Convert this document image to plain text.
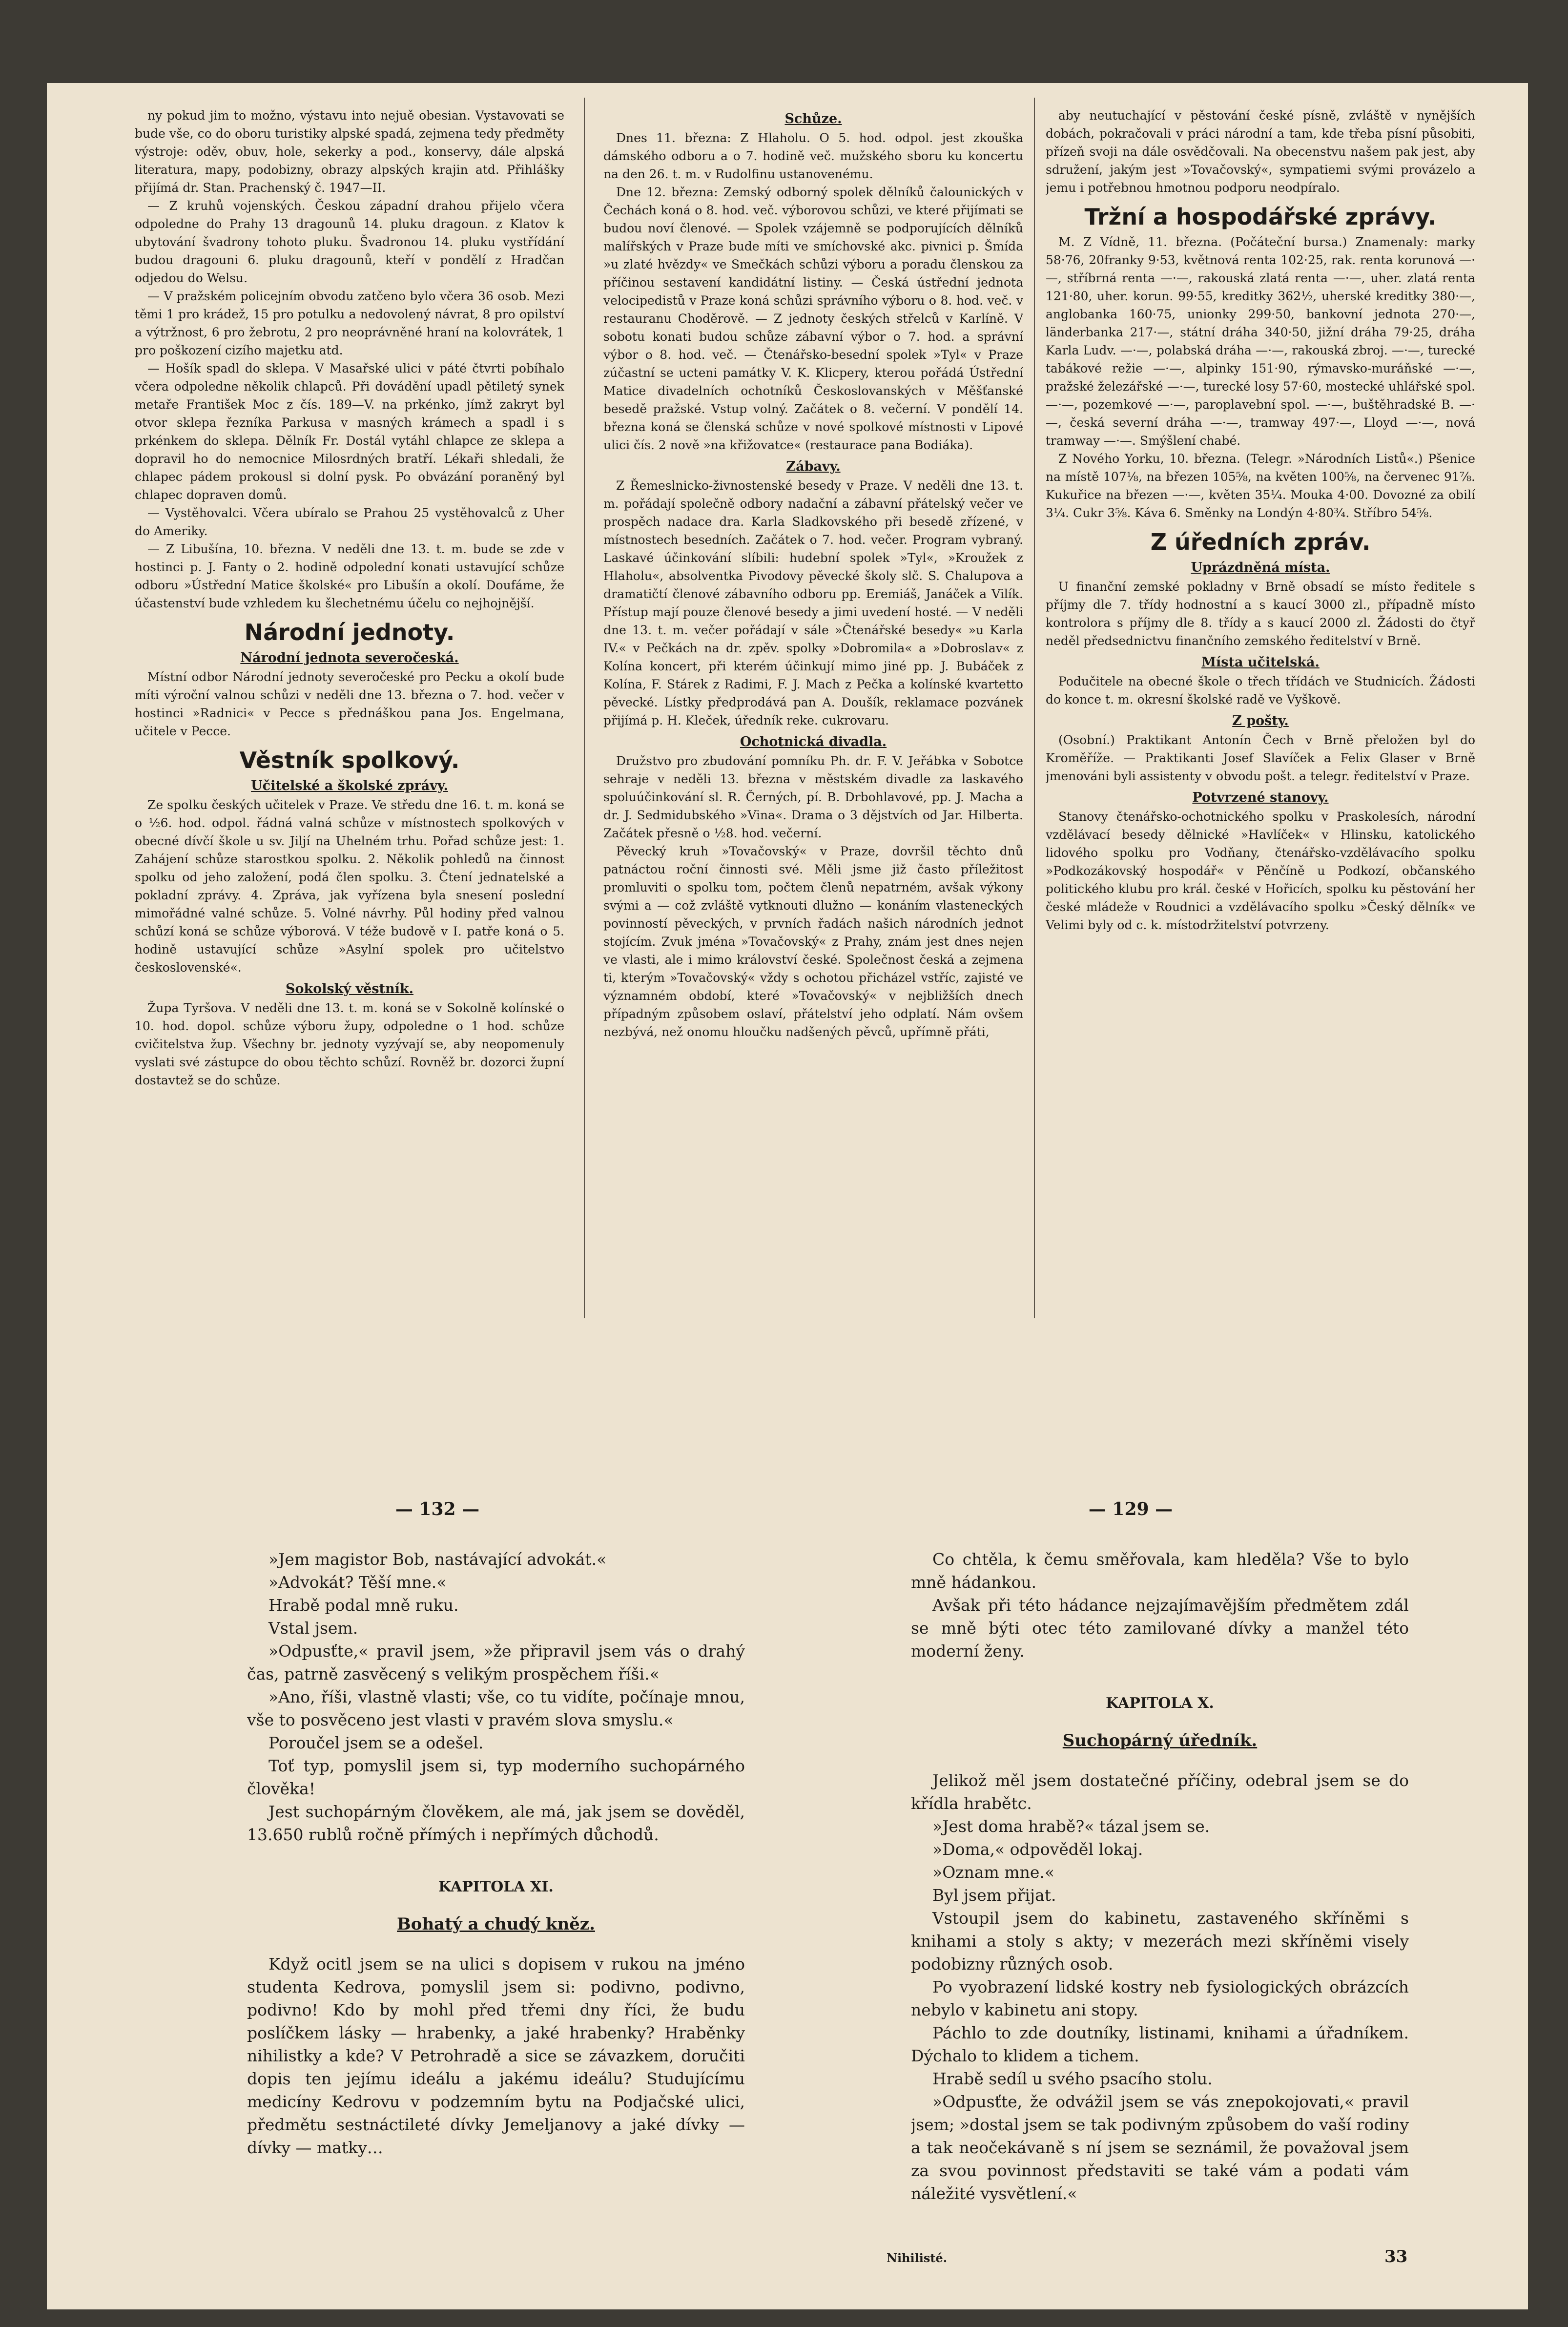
ny pokud jim to možno, výstavu into nejuě obesian. Vystavovati se bude vše, co do oboru turistiky alpské spadá, zejmena tedy předměty výstroje: oděv, obuv, hole, sekerky a pod., konservy, dále alpská literatura, mapy, podobizny, obrazy alpských krajin atd. Přihlášky přijímá dr. Stan. Prachenský č. 1947—II.

— Z kruhů vojenských. Českou západní drahou přijelo včera odpoledne do Prahy 13 dragounů 14. pluku dragoun. z Klatov k ubytování švadrony tohoto pluku. Švadronou 14. pluku vystřídání budou dragouni 6. pluku dragounů, kteří v pondělí z Hradčan odjedou do Welsu.

— V pražském policejním obvodu zatčeno bylo včera 36 osob. Mezi těmi 1 pro krádež, 15 pro potulku a nedovolený návrat, 8 pro opilství a výtržnost, 6 pro žebrotu, 2 pro neoprávněné hraní na kolovrátek, 1 pro poškození cizího majetku atd.

— Hošík spadl do sklepa. V Masařské ulici v páté čtvrti pobíhalo včera odpoledne několik chlapců. Při dovádění upadl pětiletý synek metaře František Moc z čís. 189—V. na prkénko, jímž zakryt byl otvor sklepa řezníka Parkusa v masných krámech a spadl i s prkénkem do sklepa. Dělník Fr. Dostál vytáhl chlapce ze sklepa a dopravil ho do nemocnice Milosrdných bratří. Lékaři shledali, že chlapec pádem prokousl si dolní pysk. Po obvázání poraněný byl chlapec dopraven domů.

— Vystěhovalci. Včera ubíralo se Prahou 25 vystěhovalců z Uher do Ameriky.

— Z Libušína, 10. března. V neděli dne 13. t. m. bude se zde v hostinci p. J. Fanty o 2. hodině odpolední konati ustavující schůze odboru »Ústřední Matice školské« pro Libušín a okolí. Doufáme, že účastenství bude vzhledem ku šlechetnému účelu co nejhojnější.

Národní jednoty.
Národní jednota severočeská.

Místní odbor Národní jednoty severočeské pro Pecku a okolí bude míti výroční valnou schůzi v neděli dne 13. března o 7. hod. večer v hostinci »Radnici« v Pecce s přednáškou pana Jos. Engelmana, učitele v Pecce.

Věstník spolkový.
Učitelské a školské zprávy.

Ze spolku českých učitelek v Praze. Ve středu dne 16. t. m. koná se o ½6. hod. odpol. řádná valná schůze v místnostech spolkových v obecné dívčí škole u sv. Jiljí na Uhelném trhu. Pořad schůze jest: 1. Zahájení schůze starostkou spolku. 2. Několik pohledů na činnost spolku od jeho založení, podá člen spolku. 3. Čtení jednatelské a pokladní zprávy. 4. Zpráva, jak vyřízena byla snesení poslední mimořádné valné schůze. 5. Volné návrhy. Půl hodiny před valnou schůzí koná se schůze výborová. V téže budově v I. patře koná o 5. hodině ustavující schůze »Asylní spolek pro učitelstvo československé«.

Sokolský věstník.

Župa Tyršova. V neděli dne 13. t. m. koná se v Sokolně kolínské o 10. hod. dopol. schůze výboru župy, odpoledne o 1 hod. schůze cvičitelstva žup. Všechny br. jednoty vyzývají se, aby neopomenuly vyslati své zástupce do obou těchto schůzí. Rovněž br. dozorci župní dostavtež se do schůze.

Schůze.

Dnes 11. března: Z Hlaholu. O 5. hod. odpol. jest zkouška dámského odboru a o 7. hodině več. mužského sboru ku koncertu na den 26. t. m. v Rudolfinu ustanovenému.

Dne 12. března: Zemský odborný spolek dělníků čalounických v Čechách koná o 8. hod. več. výborovou schůzi, ve které přijímati se budou noví členové. — Spolek vzájemně se podporujících dělníků malířských v Praze bude míti ve smíchovské akc. pivnici p. Šmída »u zlaté hvězdy« ve Smečkách schůzi výboru a poradu členskou za příčinou sestavení kandidátní listiny. — Česká ústřední jednota velocipedistů v Praze koná schůzi správního výboru o 8. hod. več. v restauranu Choděrově. — Z jednoty českých střelců v Karlíně. V sobotu konati budou schůze zábavní výbor o 7. hod. a správní výbor o 8. hod. več. — Čtenářsko-besední spolek »Tyl« v Praze zúčastní se ucteni památky V. K. Klicpery, kterou pořádá Ústřední Matice divadelních ochotníků Českoslovanských v Měšťanské besedě pražské. Vstup volný. Začátek o 8. večerní. V pondělí 14. března koná se členská schůze v nové spolkové místnosti v Lipové ulici čís. 2 nově »na křižovatce« (restaurace pana Bodiáka).

Zábavy.

Z Řemeslnicko-živnostenské besedy v Praze. V neděli dne 13. t. m. pořádají společně odbory nadační a zábavní přátelský večer ve prospěch nadace dra. Karla Sladkovského při besedě zřízené, v místnostech besedních. Začátek o 7. hod. večer. Program vybraný. Laskavé účinkování slíbili: hudební spolek »Tyl«, »Kroužek z Hlaholu«, absolventka Pivodovy pěvecké školy slč. S. Chalupova a dramatičtí členové zábavního odboru pp. Eremiáš, Janáček a Vilík. Přístup mají pouze členové besedy a jimi uvedení hosté. — V neděli dne 13. t. m. večer pořádají v sále »Čtenářské besedy« »u Karla IV.« v Pečkách na dr. zpěv. spolky »Dobromila« a »Dobroslav« z Kolína koncert, při kterém účinkují mimo jiné pp. J. Bubáček z Kolína, F. Stárek z Radimi, F. J. Mach z Pečka a kolínské kvartetto pěvecké. Lístky předprodává pan A. Doušík, reklamace pozvánek přijímá p. H. Kleček, úředník reke. cukrovaru.

Ochotnická divadla.

Družstvo pro zbudování pomníku Ph. dr. F. V. Jeřábka v Sobotce sehraje v neděli 13. března v městském divadle za laskavého spoluúčinkování sl. R. Černých, pí. B. Drbohlavové, pp. J. Macha a dr. J. Sedmidubského »Vina«. Drama o 3 dějstvích od Jar. Hilberta. Začátek přesně o ½8. hod. večerní.

Pěvecký kruh »Tovačovský« v Praze, dovršil těchto dnů patnáctou roční činnosti své. Měli jsme již často příležitost promluviti o spolku tom, počtem členů nepatrném, avšak výkony svými a — což zvláště vytknouti dlužno — konáním vlasteneckých povinností pěveckých, v prvních řadách našich národních jednot stojícím. Zvuk jména »Tovačovský« z Prahy, znám jest dnes nejen ve vlasti, ale i mimo království české. Společnost česká a zejmena ti, kterým »Tovačovský« vždy s ochotou přicházel vstříc, zajisté ve významném období, které »Tovačovský« v nejbližších dnech případným způsobem oslaví, přátelství jeho odplatí. Nám ovšem nezbývá, než onomu hloučku nadšených pěvců, upřímně přáti,

aby neutuchající v pěstování české písně, zvláště v nynějších dobách, pokračovali v práci národní a tam, kde třeba písní působiti, přízeň svoji na dále osvědčovali. Na obecenstvu našem pak jest, aby sdružení, jakým jest »Tovačovský«, sympatiemi svými provázelo a jemu i potřebnou hmotnou podporu neodpíralo.

Tržní a hospodářské zprávy.

M. Z Vídně, 11. března. (Počáteční bursa.) Znamenaly: marky 58·76, 20franky 9·53, květnová renta 102·25, rak. renta korunová —·—, stříbrná renta —·—, rakouská zlatá renta —·—, uher. zlatá renta 121·80, uher. korun. 99·55, kreditky 362½, uherské kreditky 380·—, anglobanka 160·75, unionky 299·50, bankovní jednota 270·—, länderbanka 217·—, státní dráha 340·50, jižní dráha 79·25, dráha Karla Ludv. —·—, polabská dráha —·—, rakouská zbroj. —·—, turecké tabákové režie —·—, alpinky 151·90, rýmavsko-muráňské —·—, pražské železářské —·—, turecké losy 57·60, mostecké uhlářské spol. —·—, pozemkové —·—, paroplavební spol. —·—, buštěhradské B. —·—, česká severní dráha —·—, tramway 497·—, Lloyd —·—, nová tramway —·—. Smýšlení chabé.

Z Nového Yorku, 10. března. (Telegr. »Národních Listů«.) Pšenice na místě 107⅛, na březen 105⅝, na květen 100⅝, na červenec 91⅞. Kukuřice na březen —·—, květen 35¼. Mouka 4·00. Dovozné za obilí 3¼. Cukr 3⅝. Káva 6. Směnky na Londýn 4·80¾. Stříbro 54⅝.

Z úředních zpráv.
Uprázdněná místa.

U finanční zemské pokladny v Brně obsadí se místo ředitele s příjmy dle 7. třídy hodnostní a s kaucí 3000 zl., případně místo kontrolora s příjmy dle 8. třídy a s kaucí 2000 zl. Žádosti do čtyř neděl předsednictvu finančního zemského ředitelství v Brně.

Místa učitelská.

Podučitele na obecné škole o třech třídách ve Studnicích. Žádosti do konce t. m. okresní školské radě ve Vyškově.

Z pošty.

(Osobní.) Praktikant Antonín Čech v Brně přeložen byl do Kroměříže. — Praktikanti Josef Slavíček a Felix Glaser v Brně jmenováni byli assistenty v obvodu pošt. a telegr. ředitelství v Praze.

Potvrzené stanovy.

Stanovy čtenářsko-ochotnického spolku v Praskolesích, národní vzdělávací besedy dělnické »Havlíček« v Hlinsku, katolického lidového spolku pro Vodňany, čtenářsko-vzdělávacího spolku »Podkozákovský hospodář« v Pěnčíně u Podkozí, občanského politického klubu pro král. české v Hořicích, spolku ku pěstování her české mládeže v Roudnici a vzdělávacího spolku »Český dělník« ve Velimi byly od c. k. místodržitelství potvrzeny.

— 132 —

»Jem magistor Bob, nastávající advokát.«

»Advokát? Těší mne.«

Hrabě podal mně ruku.

Vstal jsem.

»Odpusťte,« pravil jsem, »že připravil jsem vás o drahý čas, patrně zasvěcený s velikým prospěchem říši.«

»Ano, říši, vlastně vlasti; vše, co tu vidíte, počínaje mnou, vše to posvěceno jest vlasti v pravém slova smyslu.«

Poroučel jsem se a odešel.

Toť typ, pomyslil jsem si, typ moderního suchopárného člověka!

Jest suchopárným člověkem, ale má, jak jsem se dověděl, 13.650 rublů ročně přímých i nepřímých důchodů.

KAPITOLA XI.

Bohatý a chudý kněz.

Když ocitl jsem se na ulici s dopisem v rukou na jméno studenta Kedrova, pomyslil jsem si: podivno, podivno, podivno! Kdo by mohl před třemi dny říci, že budu poslíčkem lásky — hrabenky, a jaké hrabenky? Hraběnky nihilistky a kde? V Petrohradě a sice se závazkem, doručiti dopis ten jejímu ideálu a jakému ideálu? Studujícímu medicíny Kedrovu v podzemním bytu na Podjačské ulici, předmětu sestnáctileté dívky Jemeljanovy a jaké dívky — dívky — matky…

— 129 —

Co chtěla, k čemu směřovala, kam hleděla? Vše to bylo mně hádankou.

Avšak při této hádance nejzajímavějším předmětem zdál se mně býti otec této zamilované dívky a manžel této moderní ženy.

KAPITOLA X.

Suchopárný úředník.

Jelikož měl jsem dostatečné příčiny, odebral jsem se do křídla hrabětc.

»Jest doma hrabě?« tázal jsem se.

»Doma,« odpověděl lokaj.

»Oznam mne.«

Byl jsem přijat.

Vstoupil jsem do kabinetu, zastaveného skříněmi s knihami a stoly s akty; v mezerách mezi skříněmi visely podobizny různých osob.

Po vyobrazení lidské kostry neb fysiologických obrázcích nebylo v kabinetu ani stopy.

Páchlo to zde doutníky, listinami, knihami a úřadníkem. Dýchalo to klidem a tichem.

Hrabě sedíl u svého psacího stolu.

»Odpusťte, že odvážil jsem se vás znepokojovati,« pravil jsem; »dostal jsem se tak podivným způsobem do vaší rodiny a tak neočekávaně s ní jsem se seznámil, že považoval jsem za svou povinnost představiti se také vám a podati vám náležité vysvětlení.«

Nihilisté.	33
